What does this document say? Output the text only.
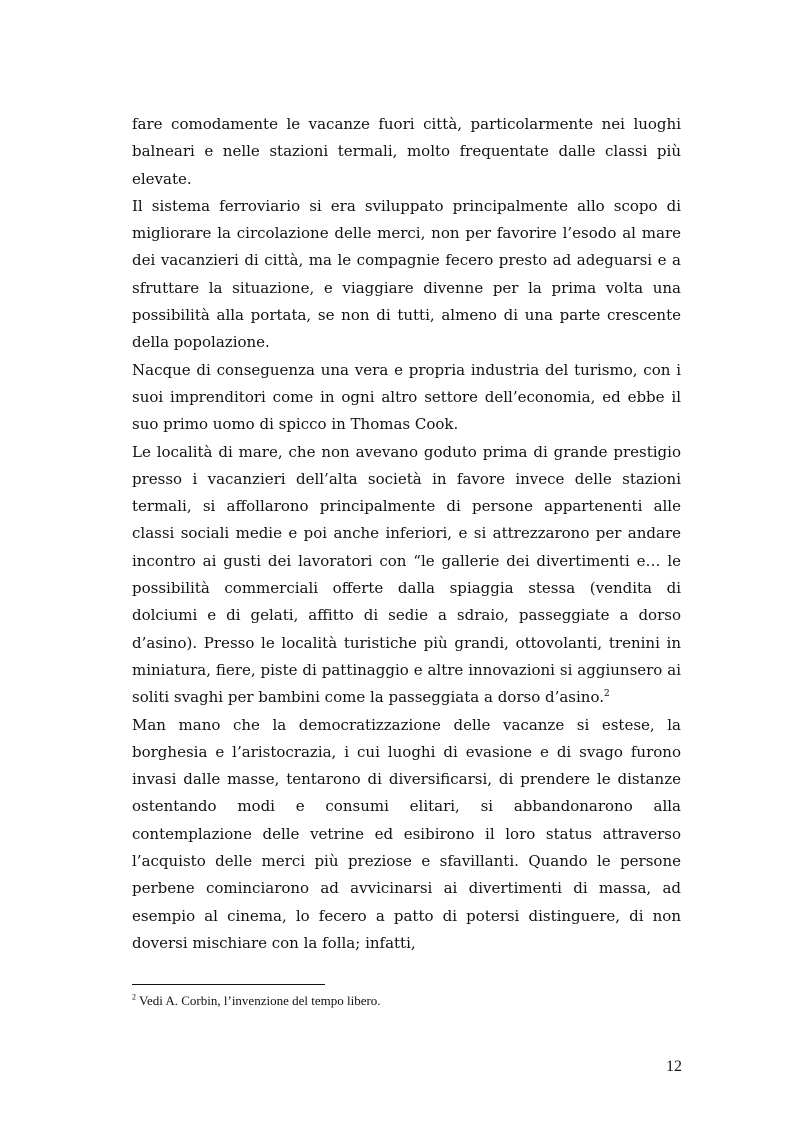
fare comodamente le vacanze fuori città, particolarmente nei luoghi balneari e nelle stazioni termali, molto frequentate dalle classi più elevate.

Il sistema ferroviario si era sviluppato principalmente allo scopo di migliorare la circolazione delle merci, non per favorire l’esodo al mare dei vacanzieri di città, ma le compagnie fecero presto ad adeguarsi e a sfruttare la situazione, e viaggiare divenne per la prima volta una possibilità alla portata, se non di tutti, almeno di una parte crescente della popolazione.

Nacque di conseguenza una vera e propria industria del turismo, con i suoi imprenditori come in ogni altro settore dell’economia, ed ebbe il suo primo uomo di spicco in Thomas Cook.

Le località di mare, che non avevano goduto prima di grande prestigio presso i vacanzieri dell’alta società in favore invece delle stazioni termali, si affollarono principalmente di persone appartenenti alle classi sociali medie e poi anche inferiori, e si attrezzarono per andare incontro ai gusti dei lavoratori con “le gallerie dei divertimenti e… le possibilità commerciali offerte dalla spiaggia stessa (vendita di dolciumi e di gelati, affitto di sedie a sdraio, passeggiate a dorso d’asino). Presso le località turistiche più grandi, ottovolanti, trenini in miniatura, fiere, piste di pattinaggio e altre innovazioni si aggiunsero ai soliti svaghi per bambini come la passeggiata a dorso d’asino.$^2$

Man mano che la democratizzazione delle vacanze si estese, la borghesia e l’aristocrazia, i cui luoghi di evasione e di svago furono invasi dalle masse, tentarono di diversificarsi, di prendere le distanze ostentando modi e consumi elitari, si abbandonarono alla contemplazione delle vetrine ed esibirono il loro status attraverso l’acquisto delle merci più preziose e sfavillanti. Quando le persone perbene cominciarono ad avvicinarsi ai divertimenti di massa, ad esempio al cinema, lo fecero a patto di potersi distinguere, di non doversi mischiare con la folla; infatti,

$^2$ Vedi A. Corbin, l’invenzione del tempo libero.
12
